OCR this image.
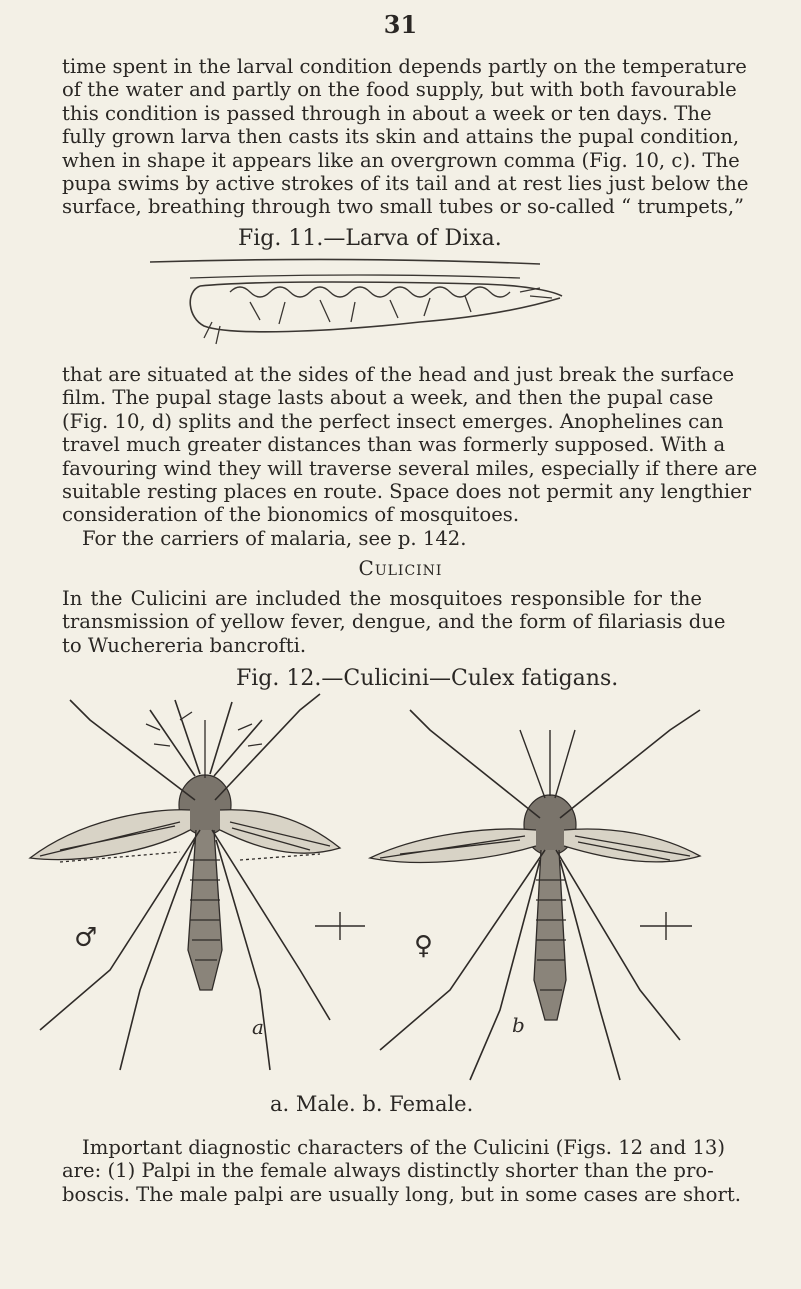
31
time spent in the larval condition depends partly on the temperature
of the water and partly on the food supply, but with both favourable
this condition is passed through in about a week or ten days. The
fully grown larva then casts its skin and attains the pupal condition,
when in shape it appears like an overgrown comma (Fig. 10, c). The
pupa swims by active strokes of its tail and at rest lies just below the
surface, breathing through two small tubes or so-called “ trumpets,”
Fig. 11.—Larva of Dixa.
that are situated at the sides of the head and just break the surface
film. The pupal stage lasts about a week, and then the pupal case
(Fig. 10, d) splits and the perfect insect emerges. Anophelines can
travel much greater distances than was formerly supposed. With a
favouring wind they will traverse several miles, especially if there are
suitable resting places en route. Space does not permit any lengthier
consideration of the bionomics of mosquitoes.
For the carriers of malaria, see p. 142.
Culicini
In the Culicini are included the mosquitoes responsible for the
transmission of yellow fever, dengue, and the form of filariasis due
to Wuchereria bancrofti.
Fig. 12.—Culicini—Culex fatigans.
♂	♀
a	b
a. Male. b. Female.
Important diagnostic characters of the Culicini (Figs. 12 and 13)
are: (1) Palpi in the female always distinctly shorter than the pro-
boscis. The male palpi are usually long, but in some cases are short.
